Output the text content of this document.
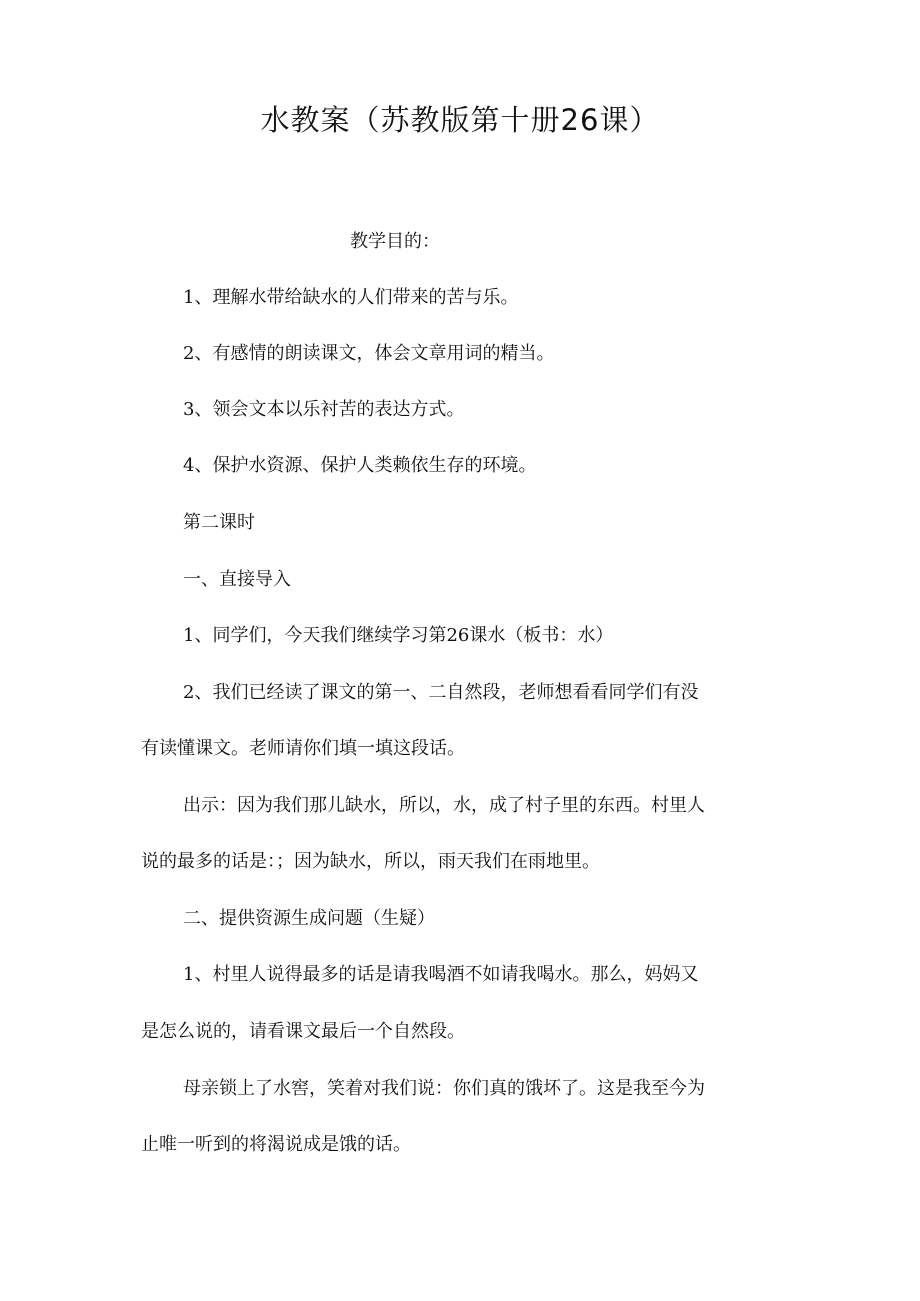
水教案（苏教版第十册26课）
教学目的：
1、理解水带给缺水的人们带来的苦与乐。
2、有感情的朗读课文，体会文章用词的精当。
3、领会文本以乐衬苦的表达方式。
4、保护水资源、保护人类赖依生存的环境。
第二课时
一、直接导入
1、同学们，今天我们继续学习第26课水（板书：水）
2、我们已经读了课文的第一、二自然段，老师想看看同学们有没
有读懂课文。老师请你们填一填这段话。
出示：因为我们那儿缺水，所以，水，成了村子里的东西。村里人
说的最多的话是：；因为缺水，所以，雨天我们在雨地里。
二、提供资源生成问题（生疑）
1、村里人说得最多的话是请我喝酒不如请我喝水。那么，妈妈又
是怎么说的，请看课文最后一个自然段。
母亲锁上了水窖，笑着对我们说：你们真的饿坏了。这是我至今为
止唯一听到的将渴说成是饿的话。
